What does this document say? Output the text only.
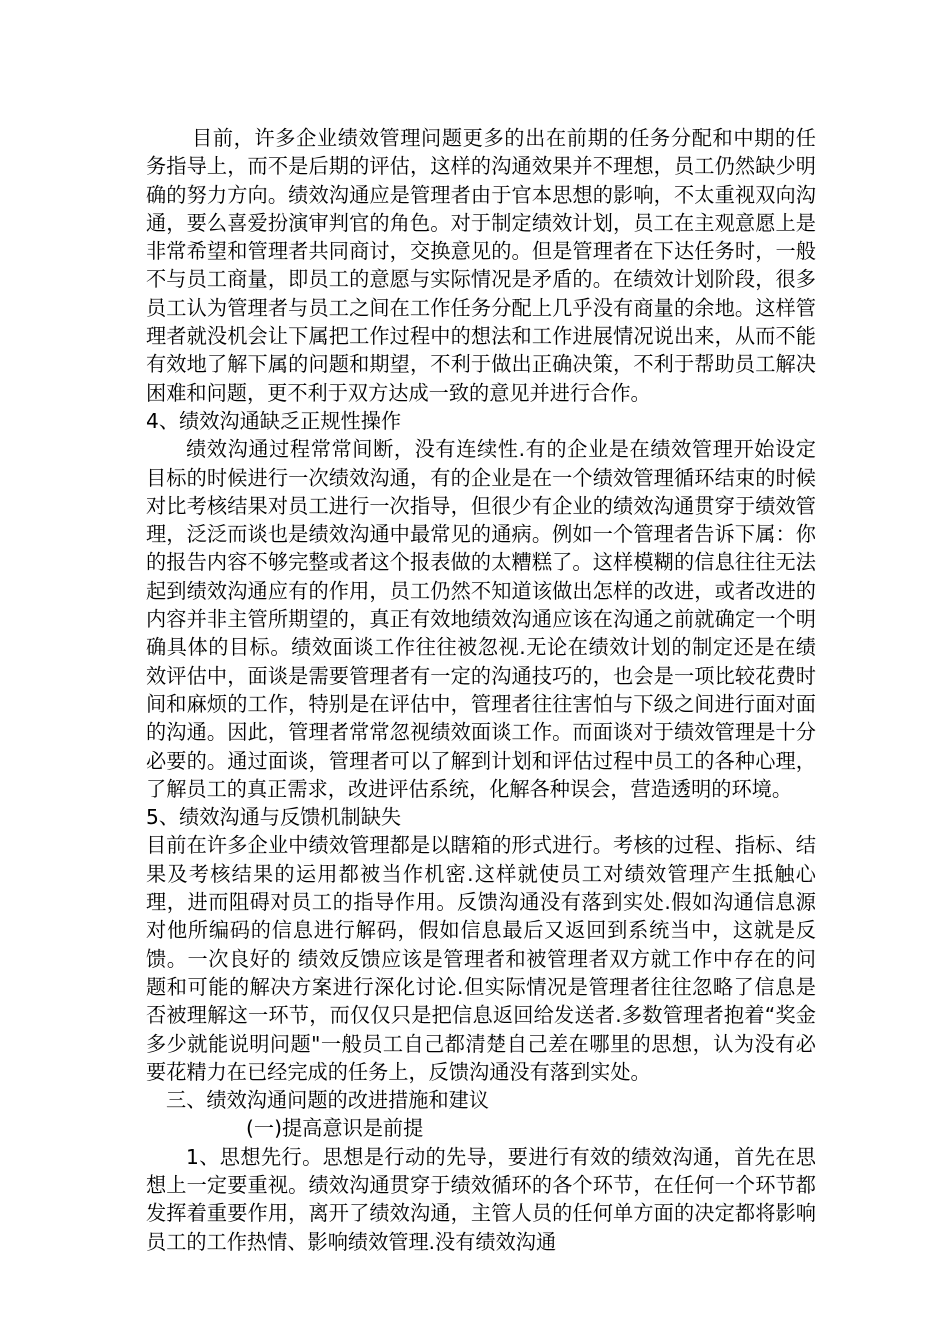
目前，许多企业绩效管理问题更多的出在前期的任务分配和中期的任务指导上，而不是后期的评估，这样的沟通效果并不理想，员工仍然缺少明确的努力方向。绩效沟通应是管理者由于官本思想的影响，不太重视双向沟通，要么喜爱扮演审判官的角色。对于制定绩效计划，员工在主观意愿上是非常希望和管理者共同商讨，交换意见的。但是管理者在下达任务时，一般不与员工商量，即员工的意愿与实际情况是矛盾的。在绩效计划阶段，很多员工认为管理者与员工之间在工作任务分配上几乎没有商量的余地。这样管理者就没机会让下属把工作过程中的想法和工作进展情况说出来，从而不能有效地了解下属的问题和期望，不利于做出正确决策，不利于帮助员工解决困难和问题，更不利于双方达成一致的意见并进行合作。

4、绩效沟通缺乏正规性操作

绩效沟通过程常常间断，没有连续性.有的企业是在绩效管理开始设定目标的时候进行一次绩效沟通，有的企业是在一个绩效管理循环结束的时候对比考核结果对员工进行一次指导，但很少有企业的绩效沟通贯穿于绩效管理，泛泛而谈也是绩效沟通中最常见的通病。例如一个管理者告诉下属：你的报告内容不够完整或者这个报表做的太糟糕了。这样模糊的信息往往无法起到绩效沟通应有的作用，员工仍然不知道该做出怎样的改进，或者改进的内容并非主管所期望的，真正有效地绩效沟通应该在沟通之前就确定一个明确具体的目标。绩效面谈工作往往被忽视.无论在绩效计划的制定还是在绩效评估中，面谈是需要管理者有一定的沟通技巧的，也会是一项比较花费时间和麻烦的工作，特别是在评估中，管理者往往害怕与下级之间进行面对面的沟通。因此，管理者常常忽视绩效面谈工作。而面谈对于绩效管理是十分必要的。通过面谈，管理者可以了解到计划和评估过程中员工的各种心理，了解员工的真正需求，改进评估系统，化解各种误会，营造透明的环境。

5、绩效沟通与反馈机制缺失

目前在许多企业中绩效管理都是以瞎箱的形式进行。考核的过程、指标、结果及考核结果的运用都被当作机密.这样就使员工对绩效管理产生抵触心理，进而阻碍对员工的指导作用。反馈沟通没有落到实处.假如沟通信息源对他所编码的信息进行解码，假如信息最后又返回到系统当中，这就是反馈。一次良好的 绩效反馈应该是管理者和被管理者双方就工作中存在的问题和可能的解决方案进行深化讨论.但实际情况是管理者往往忽略了信息是否被理解这一环节，而仅仅只是把信息返回给发送者.多数管理者抱着“奖金多少就能说明问题"一般员工自己都清楚自己差在哪里的思想，认为没有必要花精力在已经完成的任务上，反馈沟通没有落到实处。

三、绩效沟通问题的改进措施和建议

(一)提高意识是前提

1、思想先行。思想是行动的先导，要进行有效的绩效沟通，首先在思想上一定要重视。绩效沟通贯穿于绩效循环的各个环节，在任何一个环节都发挥着重要作用，离开了绩效沟通，主管人员的任何单方面的决定都将影响员工的工作热情、影响绩效管理.没有绩效沟通
